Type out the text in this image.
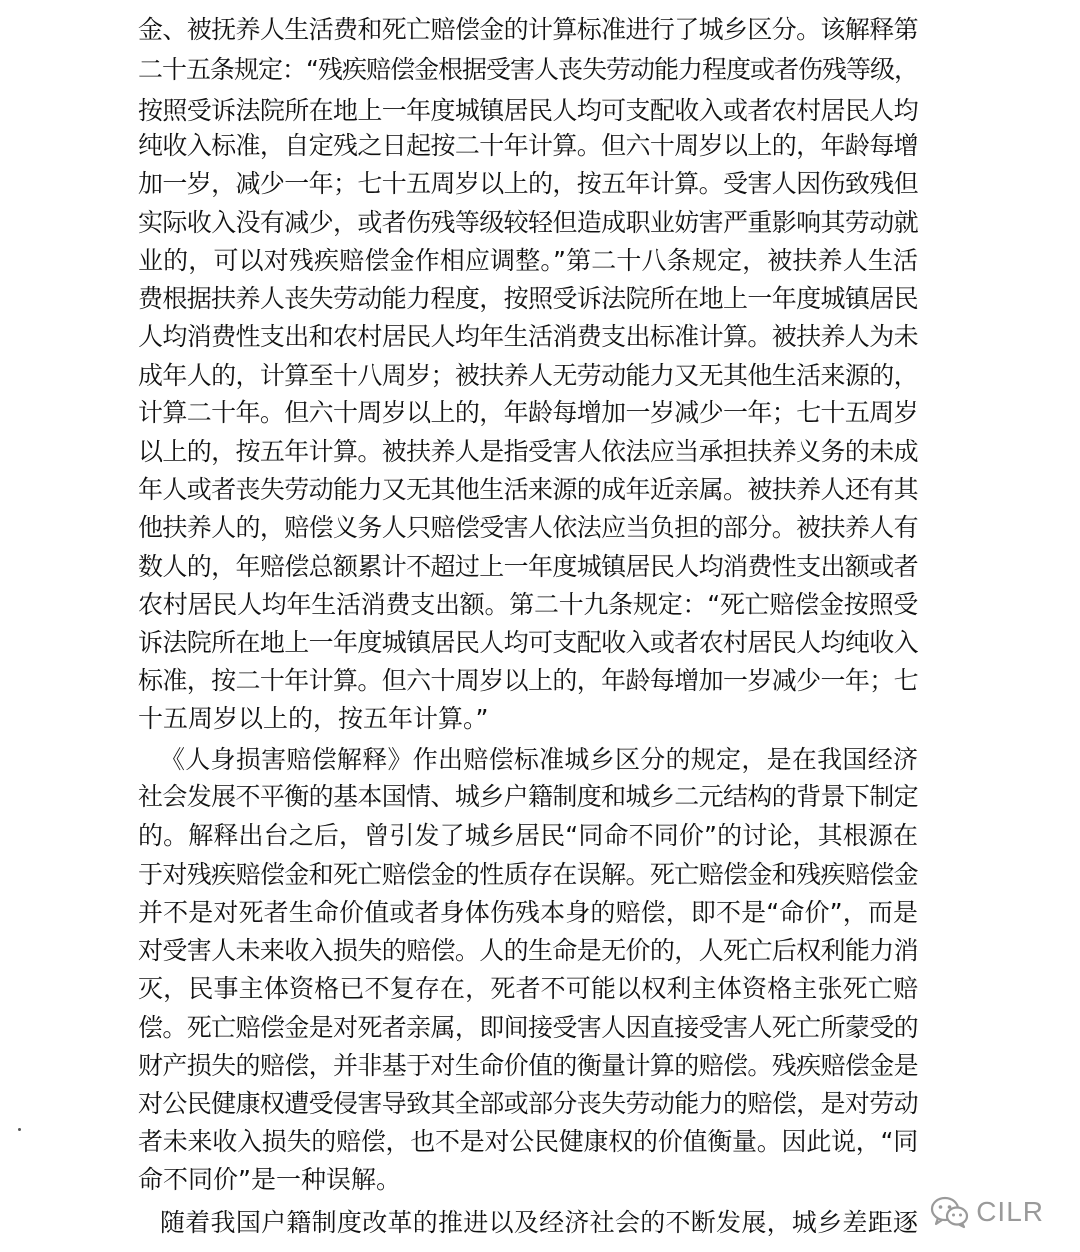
金、被抚养人生活费和死亡赔偿金的计算标准进行了城乡区分。该解释第
二十五条规定：“残疾赔偿金根据受害人丧失劳动能力程度或者伤残等级，
按照受诉法院所在地上一年度城镇居民人均可支配收入或者农村居民人均
纯收入标准，自定残之日起按二十年计算。但六十周岁以上的，年龄每增
加一岁，减少一年；七十五周岁以上的，按五年计算。受害人因伤致残但
实际收入没有减少，或者伤残等级较轻但造成职业妨害严重影响其劳动就
业的，可以对残疾赔偿金作相应调整。”第二十八条规定，被扶养人生活
费根据扶养人丧失劳动能力程度，按照受诉法院所在地上一年度城镇居民
人均消费性支出和农村居民人均年生活消费支出标准计算。被扶养人为未
成年人的，计算至十八周岁；被扶养人无劳动能力又无其他生活来源的，
计算二十年。但六十周岁以上的，年龄每增加一岁减少一年；七十五周岁
以上的，按五年计算。被扶养人是指受害人依法应当承担扶养义务的未成
年人或者丧失劳动能力又无其他生活来源的成年近亲属。被扶养人还有其
他扶养人的，赔偿义务人只赔偿受害人依法应当负担的部分。被扶养人有
数人的，年赔偿总额累计不超过上一年度城镇居民人均消费性支出额或者
农村居民人均年生活消费支出额。第二十九条规定：“死亡赔偿金按照受
诉法院所在地上一年度城镇居民人均可支配收入或者农村居民人均纯收入
标准，按二十年计算。但六十周岁以上的，年龄每增加一岁减少一年；七
十五周岁以上的，按五年计算。”
《人身损害赔偿解释》作出赔偿标准城乡区分的规定，是在我国经济
社会发展不平衡的基本国情、城乡户籍制度和城乡二元结构的背景下制定
的。解释出台之后，曾引发了城乡居民“同命不同价”的讨论，其根源在
于对残疾赔偿金和死亡赔偿金的性质存在误解。死亡赔偿金和残疾赔偿金
并不是对死者生命价值或者身体伤残本身的赔偿，即不是“命价”，而是
对受害人未来收入损失的赔偿。人的生命是无价的，人死亡后权利能力消
灭，民事主体资格已不复存在，死者不可能以权利主体资格主张死亡赔
偿。死亡赔偿金是对死者亲属，即间接受害人因直接受害人死亡所蒙受的
财产损失的赔偿，并非基于对生命价值的衡量计算的赔偿。残疾赔偿金是
对公民健康权遭受侵害导致其全部或部分丧失劳动能力的赔偿，是对劳动
者未来收入损失的赔偿，也不是对公民健康权的价值衡量。因此说，“同
命不同价”是一种误解。
随着我国户籍制度改革的推进以及经济社会的不断发展，城乡差距逐 CILR
